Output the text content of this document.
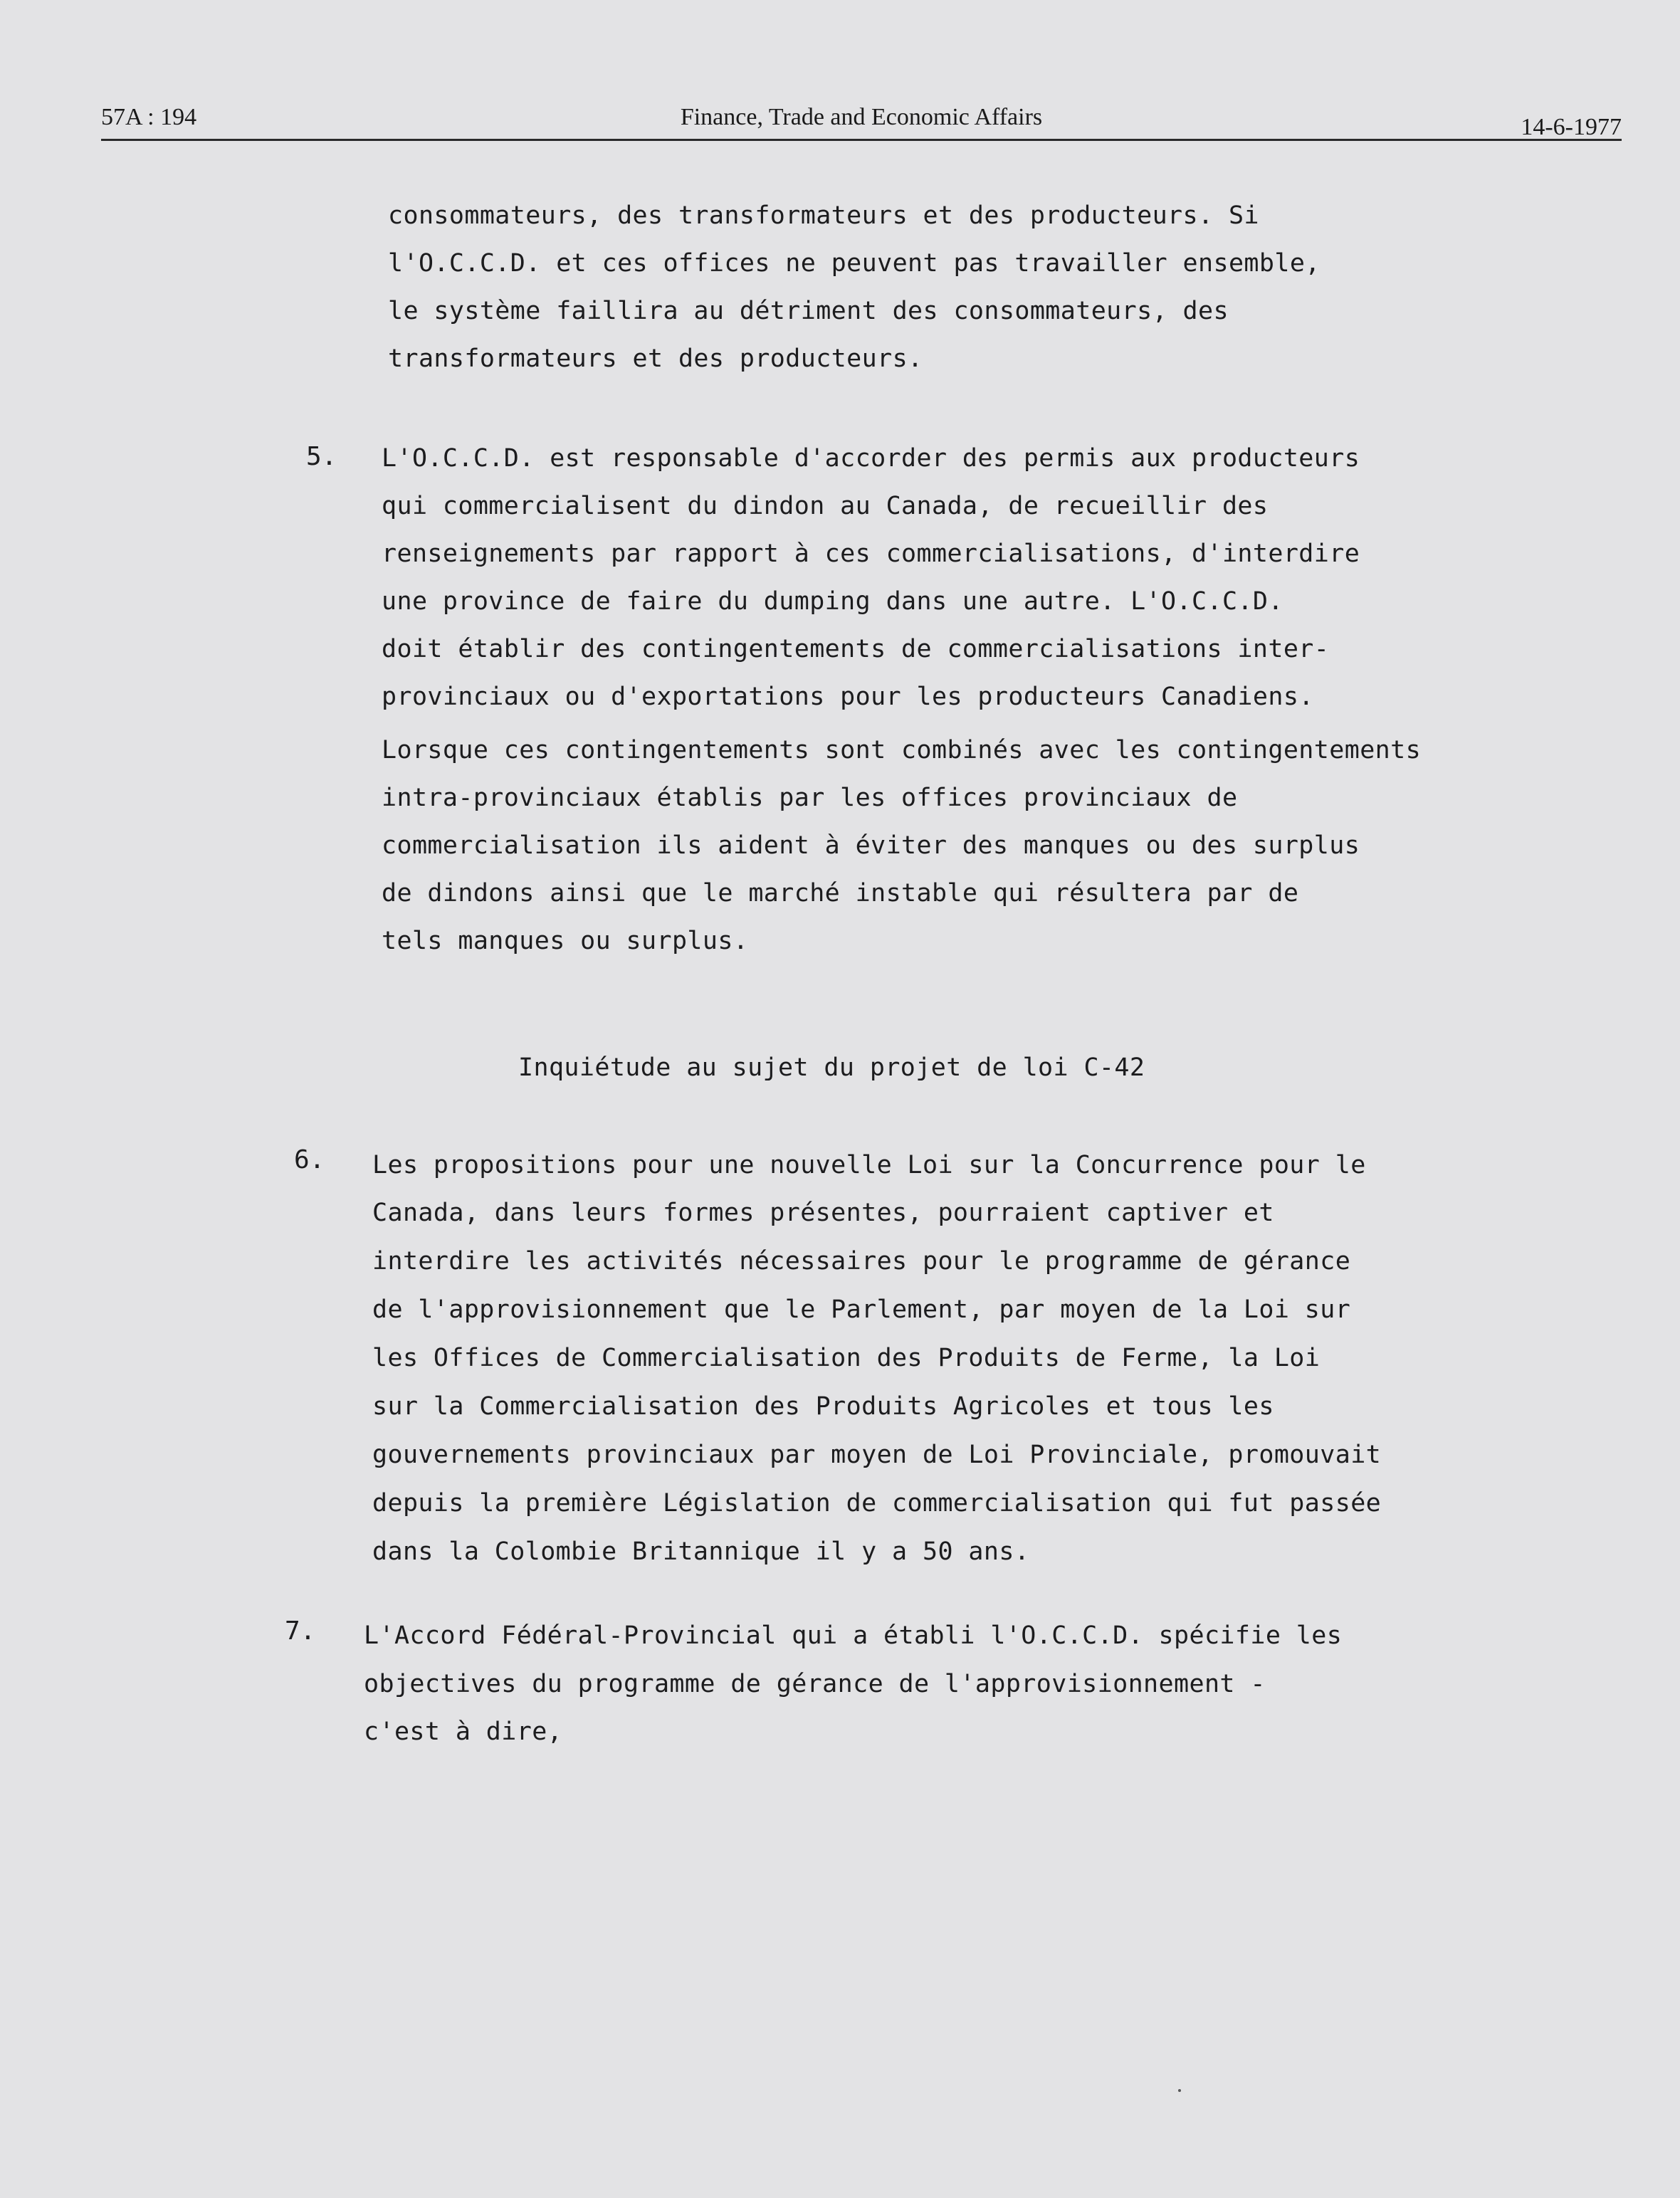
57A : 194	Finance, Trade and Economic Affairs	14-6-1977
consommateurs, des transformateurs et des producteurs. Si
l'O.C.C.D. et ces offices ne peuvent pas travailler ensemble,
le système faillira au détriment des consommateurs, des
transformateurs et des producteurs.
5. L'O.C.C.D. est responsable d'accorder des permis aux producteurs
qui commercialisent du dindon au Canada, de recueillir des
renseignements par rapport à ces commercialisations, d'interdire
une province de faire du dumping dans une autre. L'O.C.C.D.
doit établir des contingentements de commercialisations inter-
provinciaux ou d'exportations pour les producteurs Canadiens.
Lorsque ces contingentements sont combinés avec les contingentements
intra-provinciaux établis par les offices provinciaux de
commercialisation ils aident à éviter des manques ou des surplus
de dindons ainsi que le marché instable qui résultera par de
tels manques ou surplus.
Inquiétude au sujet du projet de loi C-42
6. Les propositions pour une nouvelle Loi sur la Concurrence pour le
Canada, dans leurs formes présentes, pourraient captiver et
interdire les activités nécessaires pour le programme de gérance
de l'approvisionnement que le Parlement, par moyen de la Loi sur
les Offices de Commercialisation des Produits de Ferme, la Loi
sur la Commercialisation des Produits Agricoles et tous les
gouvernements provinciaux par moyen de Loi Provinciale, promouvait
depuis la première Législation de commercialisation qui fut passée
dans la Colombie Britannique il y a 50 ans.
7. L'Accord Fédéral-Provincial qui a établi l'O.C.C.D. spécifie les
objectives du programme de gérance de l'approvisionnement -
c'est à dire,
